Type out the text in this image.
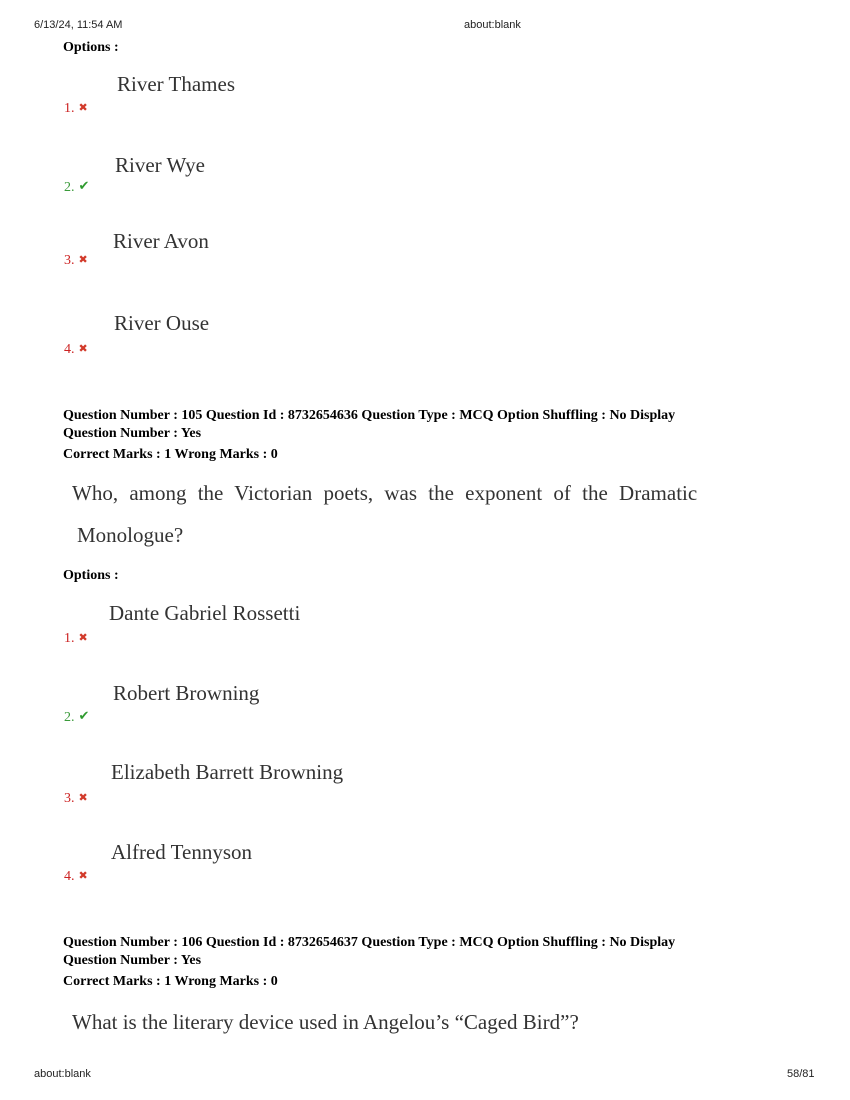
6/13/24, 11:54 AM	about:blank
Options :
River Thames
1. ✖
River Wye
2. ✔
River Avon
3. ✖
River Ouse
4. ✖
Question Number : 105 Question Id : 8732654636 Question Type : MCQ Option Shuffling : No Display
Question Number : Yes
Correct Marks : 1 Wrong Marks : 0
Who, among the Victorian poets, was the exponent of the Dramatic
Monologue?
Options :
Dante Gabriel Rossetti
1. ✖
Robert Browning
2. ✔
Elizabeth Barrett Browning
3. ✖
Alfred Tennyson
4. ✖
Question Number : 106 Question Id : 8732654637 Question Type : MCQ Option Shuffling : No Display
Question Number : Yes
Correct Marks : 1 Wrong Marks : 0
What is the literary device used in Angelou’s “Caged Bird”?
about:blank	58/81
